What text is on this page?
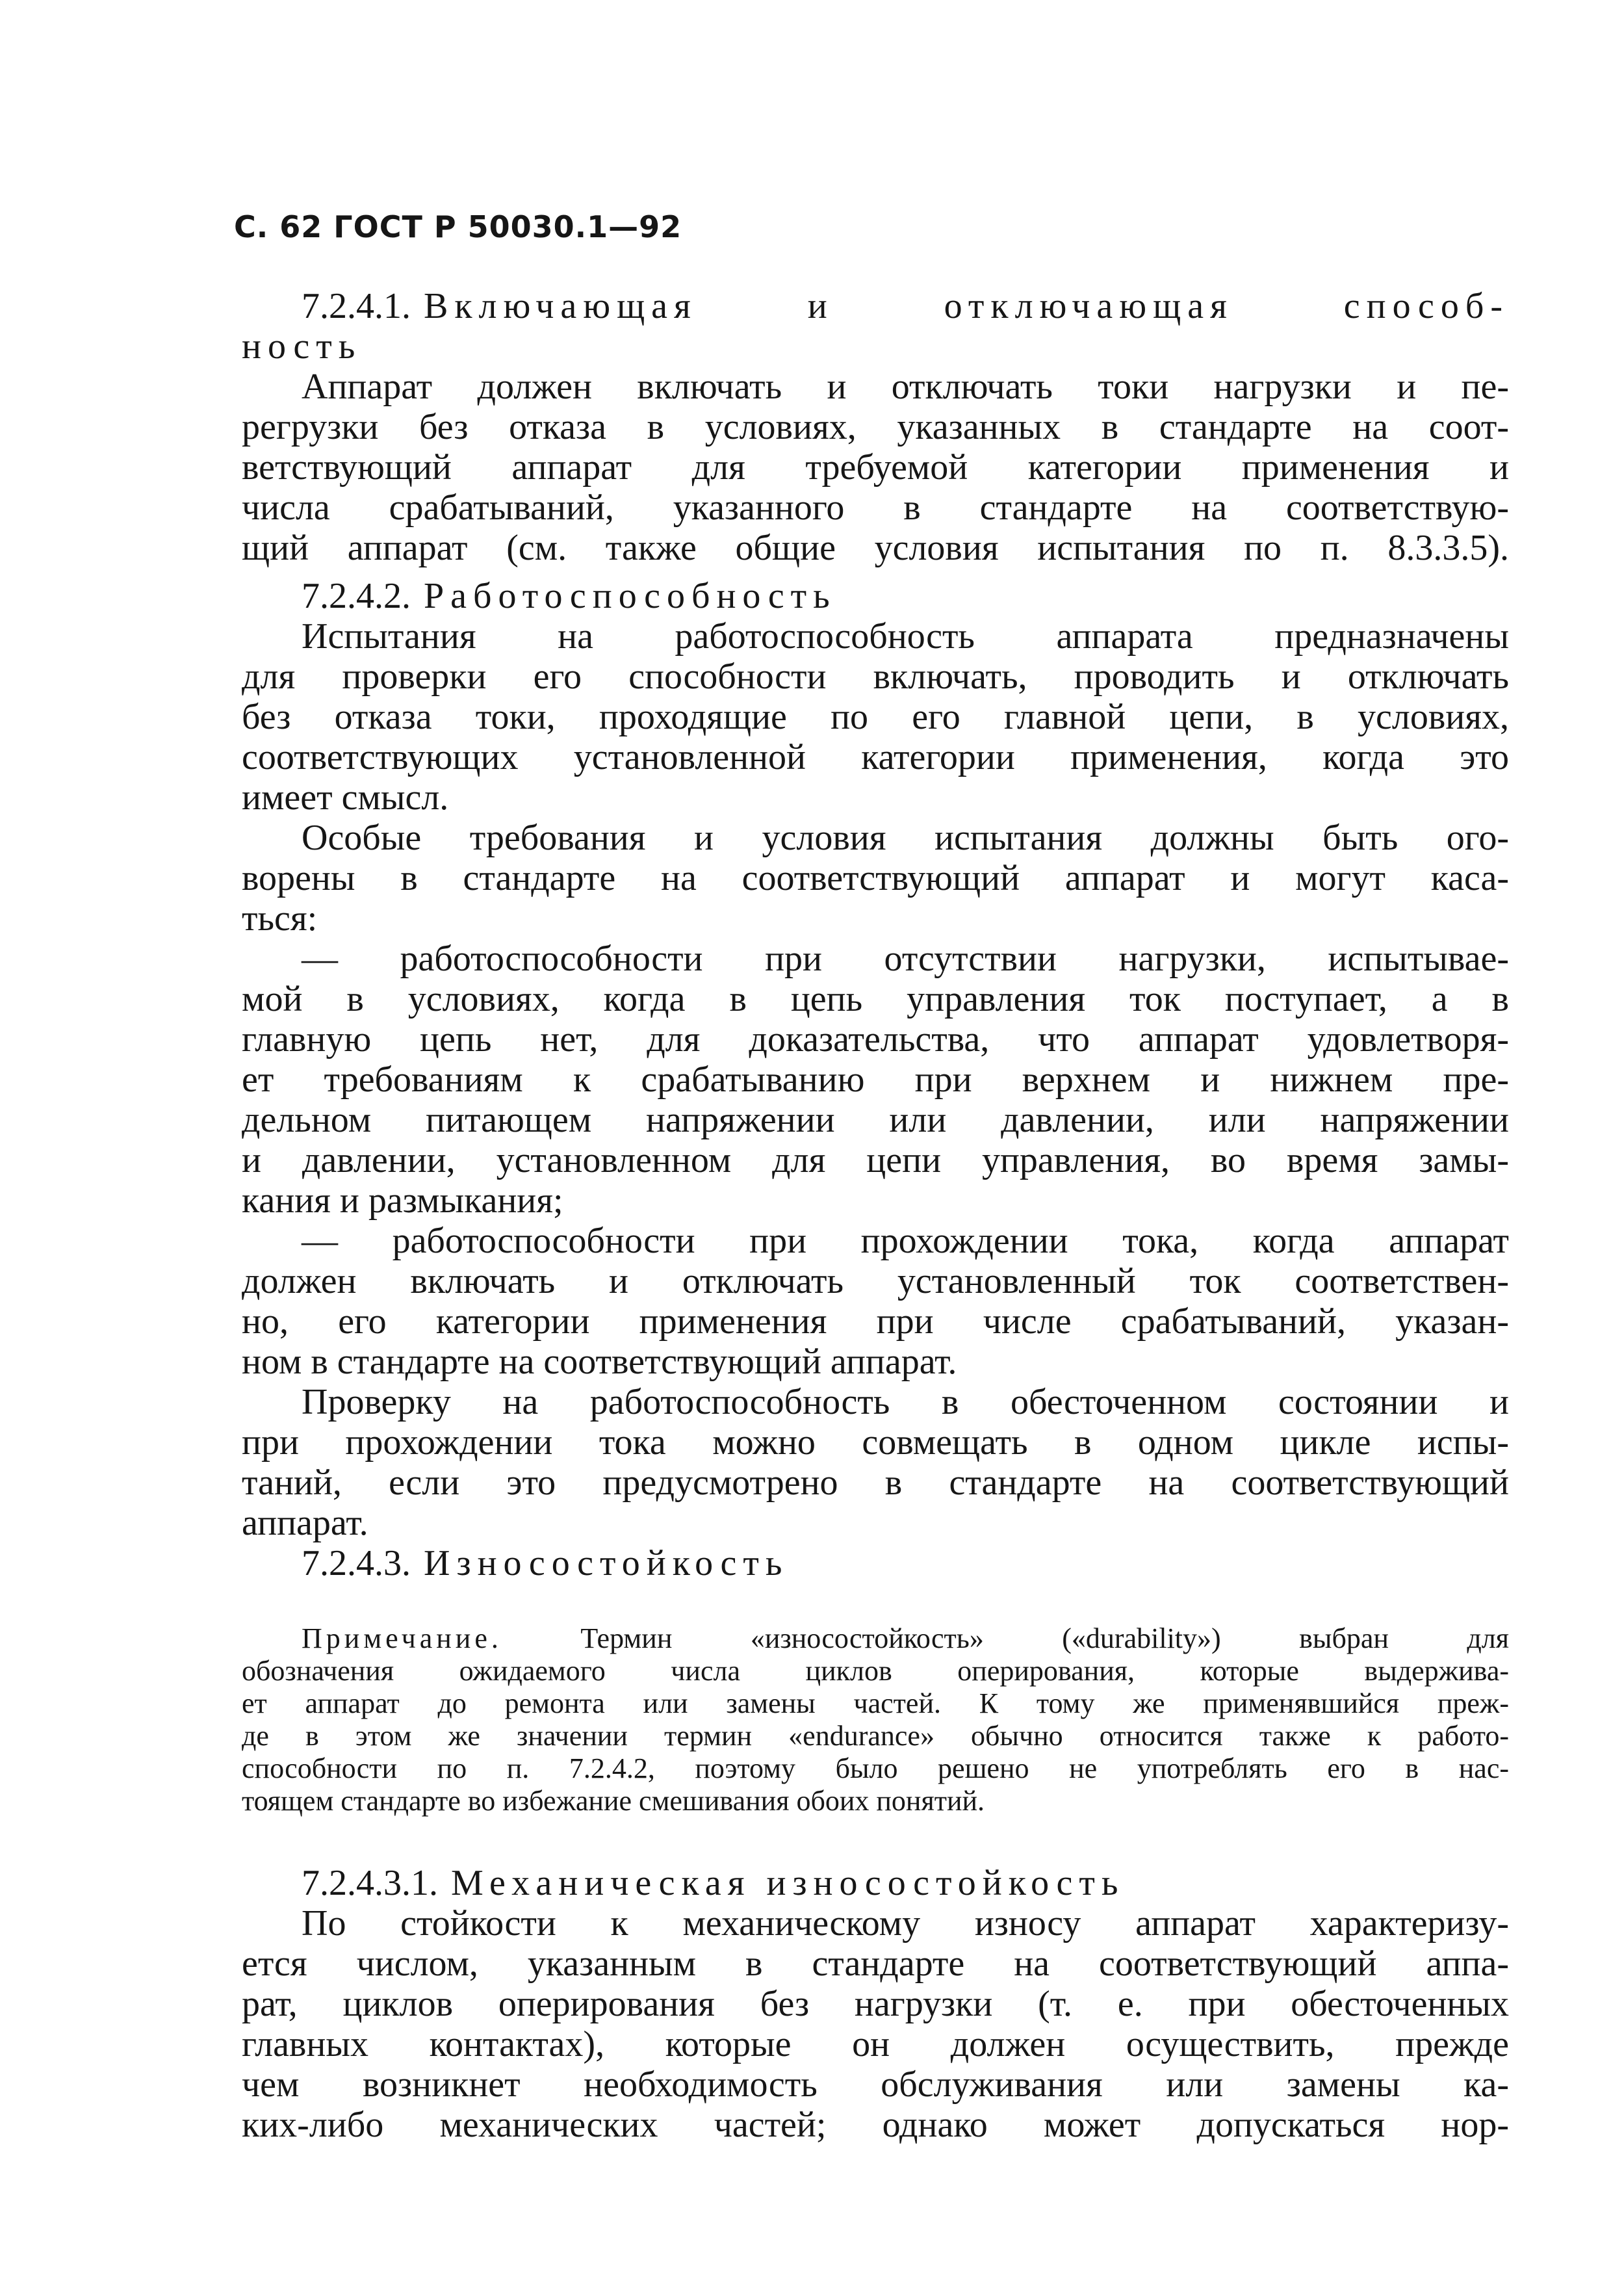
С. 62 ГОСТ Р 50030.1—92
7.2.4.1. Включающая и отключающая способ-
ность
Аппарат должен включать и отключать токи нагрузки и пе-
регрузки без отказа в условиях, указанных в стандарте на соот-
ветствующий аппарат для требуемой категории применения и
числа срабатываний, указанного в стандарте на соответствую-
щий аппарат (см. также общие условия испытания по п. 8.3.3.5).
7.2.4.2. Работоспособность
Испытания на работоспособность аппарата предназначены
для проверки его способности включать, проводить и отключать
без отказа токи, проходящие по его главной цепи, в условиях,
соответствующих установленной категории применения, когда это
имеет смысл.
Особые требования и условия испытания должны быть ого-
ворены в стандарте на соответствующий аппарат и могут каса-
ться:
— работоспособности при отсутствии нагрузки, испытывае-
мой в условиях, когда в цепь управления ток поступает, а в
главную цепь нет, для доказательства, что аппарат удовлетворя-
ет требованиям к срабатыванию при верхнем и нижнем пре-
дельном питающем напряжении или давлении, или напряжении
и давлении, установленном для цепи управления, во время замы-
кания и размыкания;
— работоспособности при прохождении тока, когда аппарат
должен включать и отключать установленный ток соответствен-
но, его категории применения при числе срабатываний, указан-
ном в стандарте на соответствующий аппарат.
Проверку на работоспособность в обесточенном состоянии и
при прохождении тока можно совмещать в одном цикле испы-
таний, если это предусмотрено в стандарте на соответствующий
аппарат.
7.2.4.3. Износостойкость
Примечание.	Термин «износостойкость» («durability») выбран для
обозначения ожидаемого числа циклов оперирования, которые выдержива-
ет аппарат до ремонта или замены частей. К тому же применявшийся преж-
де в этом же значении термин «endurance» обычно относится также к работо-
способности по п. 7.2.4.2, поэтому было решено не употреблять его в нас-
тоящем стандарте во избежание смешивания обоих понятий.
7.2.4.3.1. Механическая износостойкость
По стойкости к механическому износу аппарат характеризу-
ется числом, указанным в стандарте на соответствующий аппа-
рат, циклов оперирования без нагрузки (т. е. при обесточенных
главных контактах), которые он должен осуществить, прежде
чем возникнет необходимость обслуживания или замены ка-
ких-либо механических частей; однако может допускаться нор-
